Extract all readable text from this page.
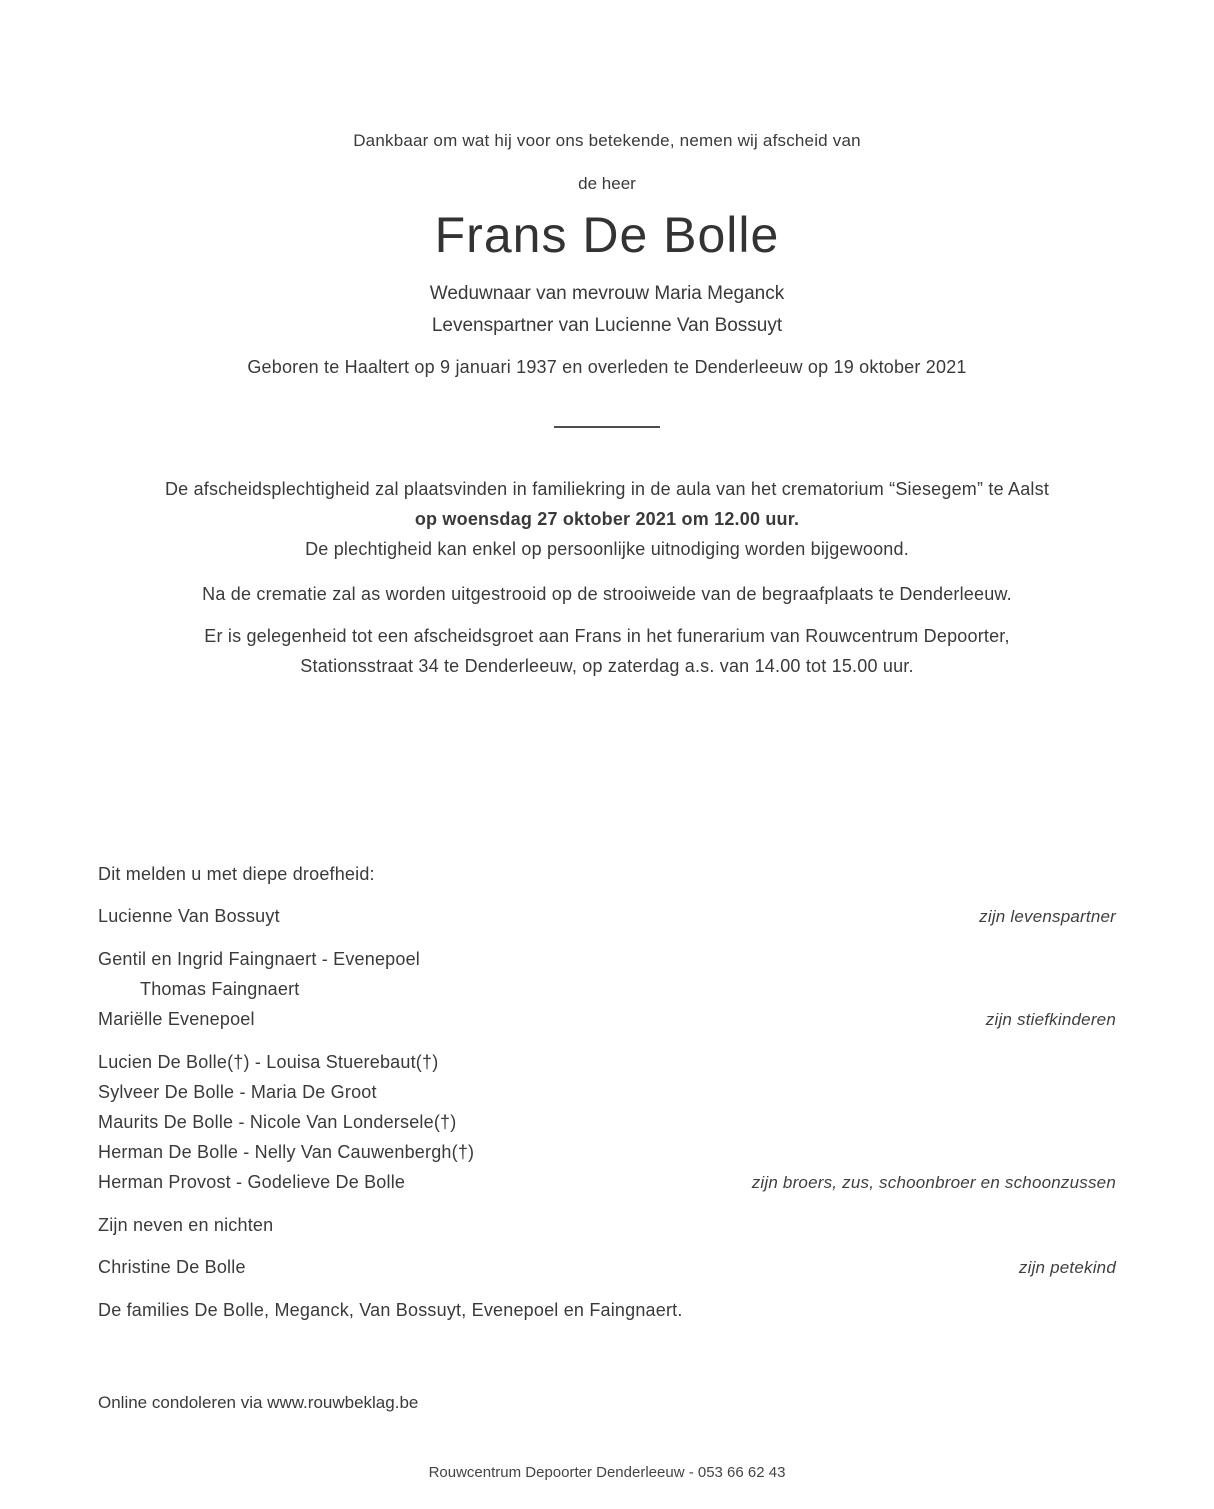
Dankbaar om wat hij voor ons betekende, nemen wij afscheid van
de heer
Frans De Bolle
Weduwnaar van mevrouw Maria Meganck
Levenspartner van Lucienne Van Bossuyt
Geboren te Haaltert op 9 januari 1937 en overleden te Denderleeuw op 19 oktober 2021
De afscheidsplechtigheid zal plaatsvinden in familiekring in de aula van het crematorium “Siesegem” te Aalst
op woensdag 27 oktober 2021 om 12.00 uur.
De plechtigheid kan enkel op persoonlijke uitnodiging worden bijgewoond.
Na de crematie zal as worden uitgestrooid op de strooiweide van de begraafplaats te Denderleeuw.
Er is gelegenheid tot een afscheidsgroet aan Frans in het funerarium van Rouwcentrum Depoorter,
Stationsstraat 34 te Denderleeuw, op zaterdag a.s. van 14.00 tot 15.00 uur.
Dit melden u met diepe droefheid:
Lucienne Van Bossuyt	zijn levenspartner
Gentil en Ingrid Faingnaert - Evenepoel
Thomas Faingnaert
Mariëlle Evenepoel	zijn stiefkinderen
Lucien De Bolle(†) - Louisa Stuerebaut(†)
Sylveer De Bolle - Maria De Groot
Maurits De Bolle - Nicole Van Londersele(†)
Herman De Bolle - Nelly Van Cauwenbergh(†)
Herman Provost - Godelieve De Bolle	zijn broers, zus, schoonbroer en schoonzussen
Zijn neven en nichten
Christine De Bolle	zijn petekind
De families De Bolle, Meganck, Van Bossuyt, Evenepoel en Faingnaert.
Online condoleren via www.rouwbeklag.be
Rouwcentrum Depoorter Denderleeuw - 053 66 62 43
